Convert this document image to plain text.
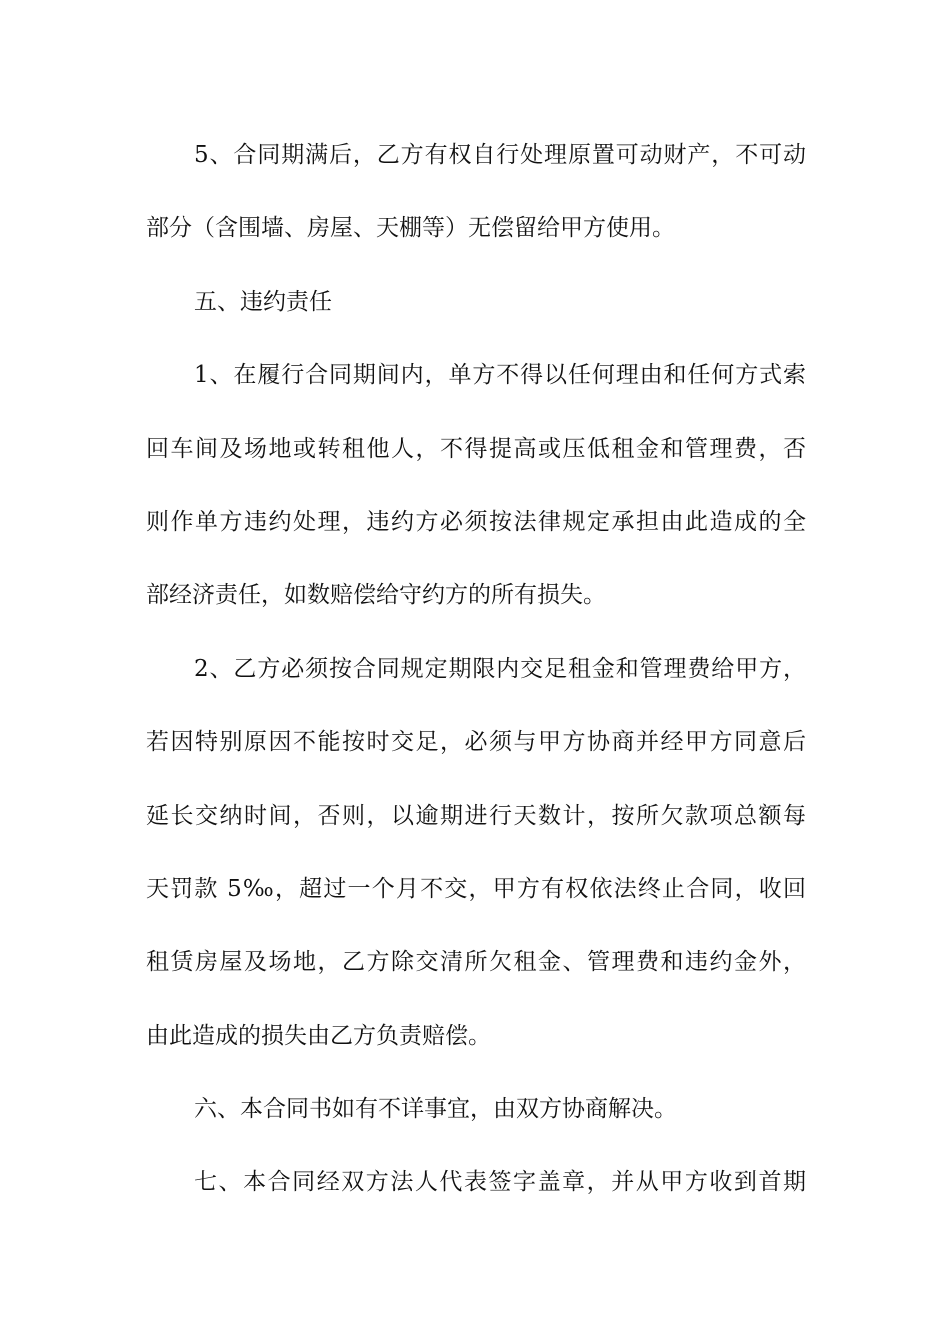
5、合同期满后，乙方有权自行处理原置可动财产，不可动
部分（含围墙、房屋、天棚等）无偿留给甲方使用。
五、违约责任
1、在履行合同期间内，单方不得以任何理由和任何方式索
回车间及场地或转租他人，不得提高或压低租金和管理费，否
则作单方违约处理，违约方必须按法律规定承担由此造成的全
部经济责任，如数赔偿给守约方的所有损失。
2、乙方必须按合同规定期限内交足租金和管理费给甲方，
若因特别原因不能按时交足，必须与甲方协商并经甲方同意后
延长交纳时间，否则，以逾期进行天数计，按所欠款项总额每
天罚款 5‰，超过一个月不交，甲方有权依法终止合同，收回
租赁房屋及场地，乙方除交清所欠租金、管理费和违约金外，
由此造成的损失由乙方负责赔偿。
六、本合同书如有不详事宜，由双方协商解决。
七、本合同经双方法人代表签字盖章，并从甲方收到首期
